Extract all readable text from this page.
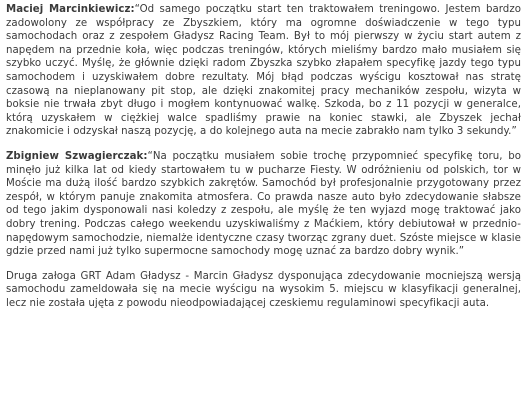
Maciej Marcinkiewicz:“Od samego początku start ten traktowałem treningowo. Jestem bardzo zadowolony ze współpracy ze Zbyszkiem, który ma ogromne doświadczenie w tego typu samochodach oraz z zespołem Gładysz Racing Team. Był to mój pierwszy w życiu start autem z napędem na przednie koła, więc podczas treningów, których mieliśmy bardzo mało musiałem się szybko uczyć. Myślę, że głównie dzięki radom Zbyszka szybko złapałem specyfikę jazdy tego typu samochodem i uzyskiwałem dobre rezultaty. Mój błąd podczas wyścigu kosztował nas stratę czasową na nieplanowany pit stop, ale dzięki znakomitej pracy mechaników zespołu, wizyta w boksie nie trwała zbyt długo i mogłem kontynuować walkę. Szkoda, bo z 11 pozycji w generalce, którą uzyskałem w ciężkiej walce spadliśmy prawie na koniec stawki, ale Zbyszek jechał znakomicie i odzyskał naszą pozycję, a do kolejnego auta na mecie zabrakło nam tylko 3 sekundy.”

Zbigniew Szwagierczak:“Na początku musiałem sobie trochę przypomnieć specyfikę toru, bo minęło już kilka lat od kiedy startowałem tu w pucharze Fiesty. W odróżnieniu od polskich, tor w Moście ma dużą ilość bardzo szybkich zakrętów. Samochód był profesjonalnie przygotowany przez zespół, w którym panuje znakomita atmosfera. Co prawda nasze auto było zdecydowanie słabsze od tego jakim dysponowali nasi koledzy z zespołu, ale myślę że ten wyjazd mogę traktować jako dobry trening. Podczas całego weekendu uzyskiwaliśmy z Maćkiem, który debiutował w przednio-napędowym samochodzie, niemalże identyczne czasy tworząc zgrany duet. Szóste miejsce w klasie gdzie przed nami już tylko supermocne samochody mogę uznać za bardzo dobry wynik.”

Druga załoga GRT Adam Gładysz - Marcin Gładysz dysponująca zdecydowanie mocniejszą wersją samochodu zameldowała się na mecie wyścigu na wysokim 5. miejscu w klasyfikacji generalnej, lecz nie została ujęta z powodu nieodpowiadającej czeskiemu regulaminowi specyfikacji auta.
